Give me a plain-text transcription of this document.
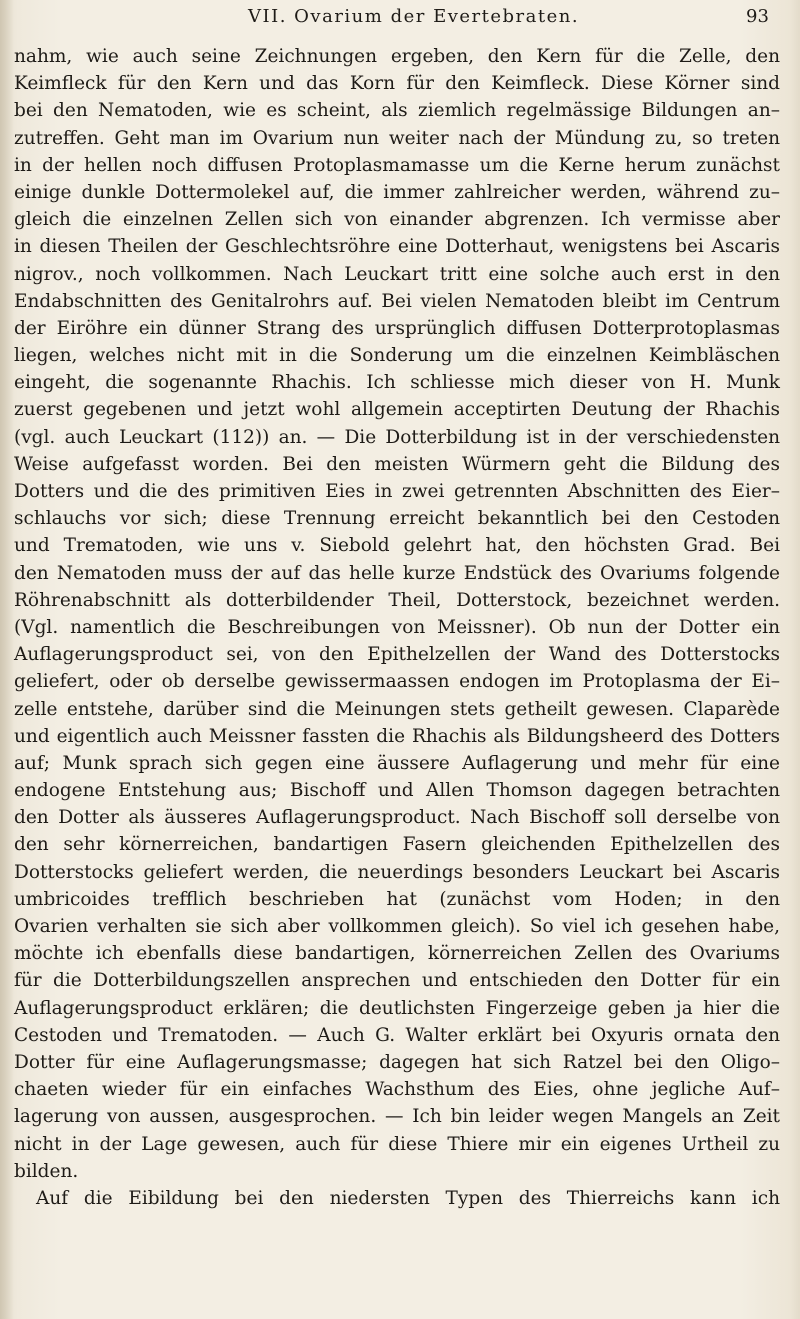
VII. Ovarium der Evertebraten.	93
nahm, wie auch seine Zeichnungen ergeben, den Kern für die Zelle, den
Keimfleck für den Kern und das Korn für den Keimfleck. Diese Körner sind
bei den Nematoden, wie es scheint, als ziemlich regelmässige Bildungen an–
zutreffen. Geht man im Ovarium nun weiter nach der Mündung zu, so treten
in der hellen noch diffusen Protoplasmamasse um die Kerne herum zunächst
einige dunkle Dottermolekel auf, die immer zahlreicher werden, während zu–
gleich die einzelnen Zellen sich von einander abgrenzen. Ich vermisse aber
in diesen Theilen der Geschlechtsröhre eine Dotterhaut, wenigstens bei Ascaris
nigrov., noch vollkommen. Nach Leuckart tritt eine solche auch erst in den
Endabschnitten des Genitalrohrs auf. Bei vielen Nematoden bleibt im Centrum
der Eiröhre ein dünner Strang des ursprünglich diffusen Dotterprotoplasmas
liegen, welches nicht mit in die Sonderung um die einzelnen Keimbläschen
eingeht, die sogenannte Rhachis. Ich schliesse mich dieser von H. Munk
zuerst gegebenen und jetzt wohl allgemein acceptirten Deutung der Rhachis
(vgl. auch Leuckart (112)) an. — Die Dotterbildung ist in der verschiedensten
Weise aufgefasst worden. Bei den meisten Würmern geht die Bildung des
Dotters und die des primitiven Eies in zwei getrennten Abschnitten des Eier–
schlauchs vor sich; diese Trennung erreicht bekanntlich bei den Cestoden
und Trematoden, wie uns v. Siebold gelehrt hat, den höchsten Grad. Bei
den Nematoden muss der auf das helle kurze Endstück des Ovariums folgende
Röhrenabschnitt als dotterbildender Theil, Dotterstock, bezeichnet werden.
(Vgl. namentlich die Beschreibungen von Meissner). Ob nun der Dotter ein
Auflagerungsproduct sei, von den Epithelzellen der Wand des Dotterstocks
geliefert, oder ob derselbe gewissermaassen endogen im Protoplasma der Ei–
zelle entstehe, darüber sind die Meinungen stets getheilt gewesen. Claparède
und eigentlich auch Meissner fassten die Rhachis als Bildungsheerd des Dotters
auf; Munk sprach sich gegen eine äussere Auflagerung und mehr für eine
endogene Entstehung aus; Bischoff und Allen Thomson dagegen betrachten
den Dotter als äusseres Auflagerungsproduct. Nach Bischoff soll derselbe von
den sehr körnerreichen, bandartigen Fasern gleichenden Epithelzellen des
Dotterstocks geliefert werden, die neuerdings besonders Leuckart bei Ascaris
umbricoides trefflich beschrieben hat (zunächst vom Hoden; in den
Ovarien verhalten sie sich aber vollkommen gleich). So viel ich gesehen habe,
möchte ich ebenfalls diese bandartigen, körnerreichen Zellen des Ovariums
für die Dotterbildungszellen ansprechen und entschieden den Dotter für ein
Auflagerungsproduct erklären; die deutlichsten Fingerzeige geben ja hier die
Cestoden und Trematoden. — Auch G. Walter erklärt bei Oxyuris ornata den
Dotter für eine Auflagerungsmasse; dagegen hat sich Ratzel bei den Oligo–
chaeten wieder für ein einfaches Wachsthum des Eies, ohne jegliche Auf–
lagerung von aussen, ausgesprochen. — Ich bin leider wegen Mangels an Zeit
nicht in der Lage gewesen, auch für diese Thiere mir ein eigenes Urtheil zu
bilden.
Auf die Eibildung bei den niedersten Typen des Thierreichs kann ich
